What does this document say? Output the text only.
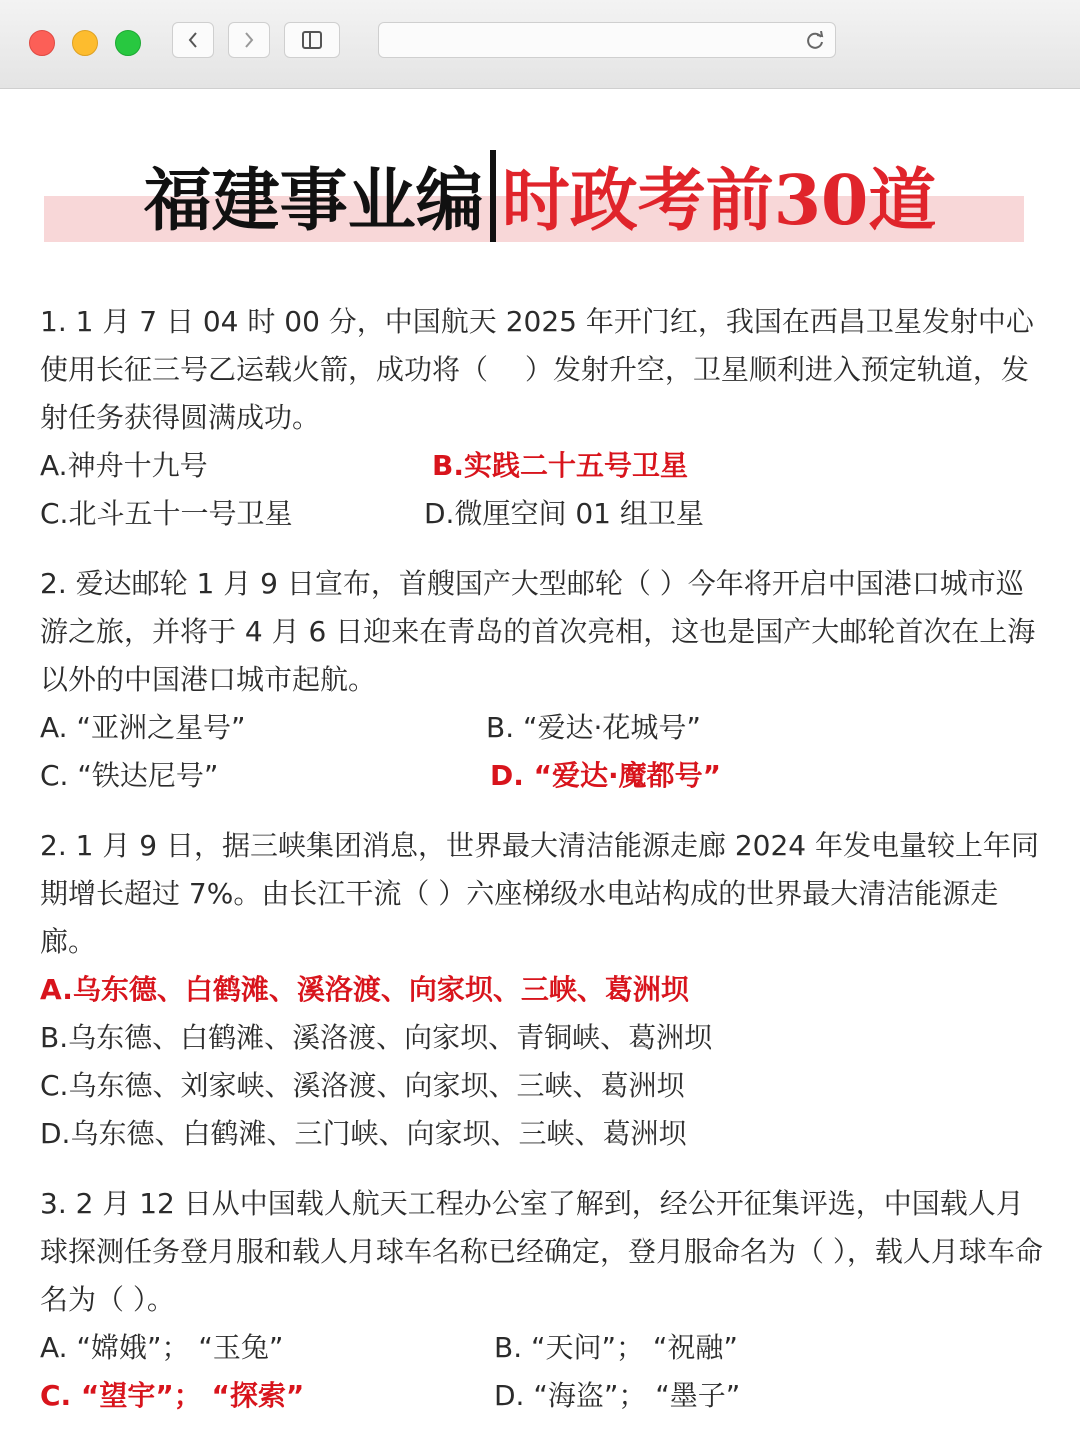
福建事业编 时政考前30道

1. 1 月 7 日 04 时 00 分，中国航天 2025 年开门红，我国在西昌卫星发射中心使用长征三号乙运载火箭，成功将（　 ）发射升空，卫星顺利进入预定轨道，发射任务获得圆满成功。

A.神舟十九号	B.实践二十五号卫星
C.北斗五十一号卫星	D.微厘空间 01 组卫星

2. 爱达邮轮 1 月 9 日宣布，首艘国产大型邮轮（ ）今年将开启中国港口城市巡游之旅，并将于 4 月 6 日迎来在青岛的首次亮相，这也是国产大邮轮首次在上海以外的中国港口城市起航。

A. “亚洲之星号”	B. “爱达·花城号”
C. “铁达尼号”	D. “爱达·魔都号”

2. 1 月 9 日，据三峡集团消息，世界最大清洁能源走廊 2024 年发电量较上年同期增长超过 7%。由长江干流（ ）六座梯级水电站构成的世界最大清洁能源走廊。

A.乌东德、白鹤滩、溪洛渡、向家坝、三峡、葛洲坝
B.乌东德、白鹤滩、溪洛渡、向家坝、青铜峡、葛洲坝
C.乌东德、刘家峡、溪洛渡、向家坝、三峡、葛洲坝
D.乌东德、白鹤滩、三门峡、向家坝、三峡、葛洲坝

3. 2 月 12 日从中国载人航天工程办公室了解到，经公开征集评选，中国载人月球探测任务登月服和载人月球车名称已经确定，登月服命名为（ ），载人月球车命名为（ ）。

A. “嫦娥”； “玉兔”	B. “天问”； “祝融”
C. “望宇”； “探索”	D. “海盗”； “墨子”
